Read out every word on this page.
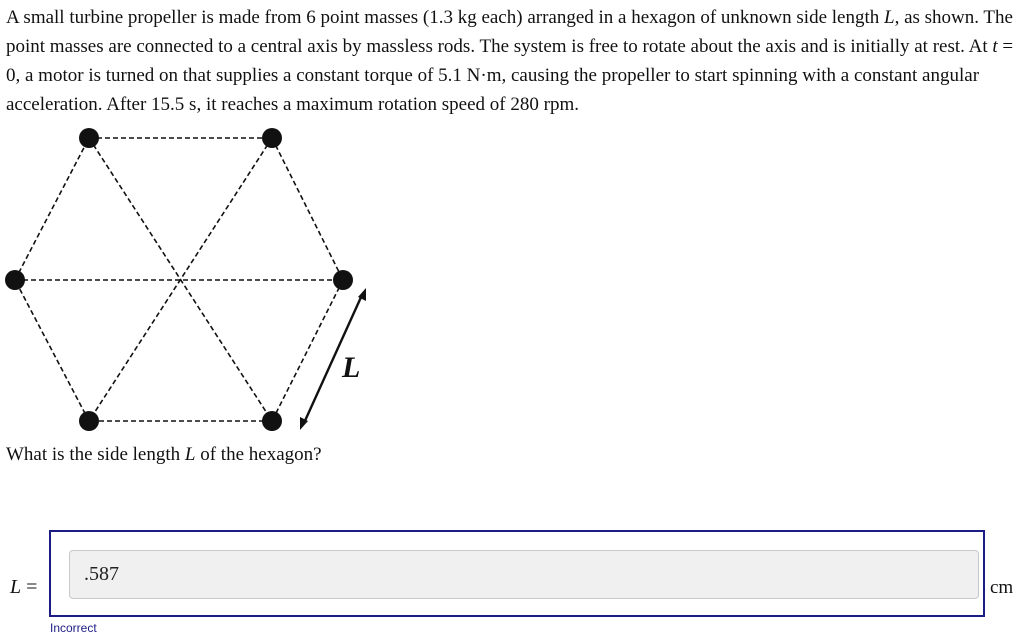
A small turbine propeller is made from 6 point masses (1.3 kg each) arranged in a hexagon of unknown side length L, as shown. The point masses are connected to a central axis by massless rods. The system is free to rotate about the axis and is initially at rest. At t = 0, a motor is turned on that supplies a constant torque of 5.1 N·m, causing the propeller to start spinning with a constant angular acceleration. After 15.5 s, it reaches a maximum rotation speed of 280 rpm.

L

What is the side length L of the hexagon?

L =
.587	cm
Incorrect
